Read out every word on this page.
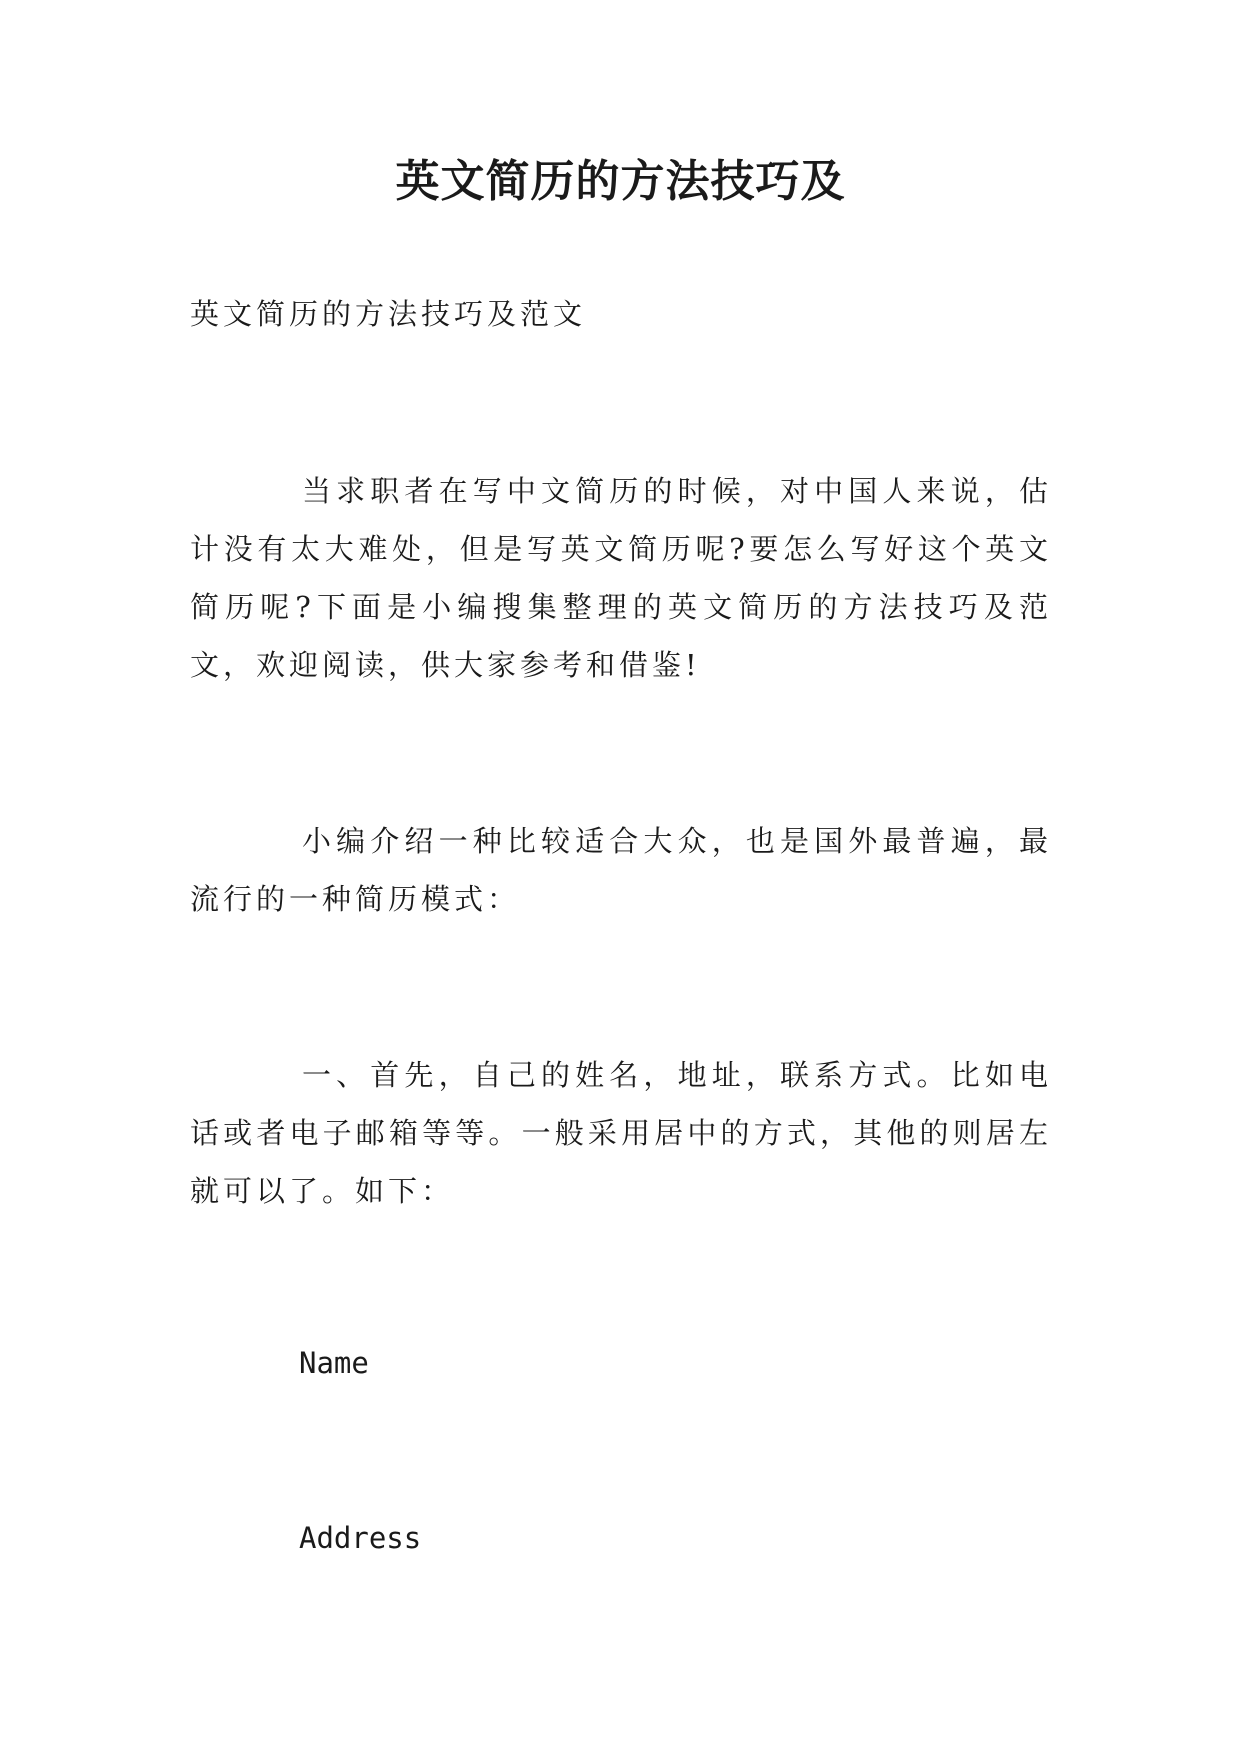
英文简历的方法技巧及

英文简历的方法技巧及范文

当求职者在写中文简历的时候，对中国人来说，估计没有太大难处，但是写英文简历呢?要怎么写好这个英文简历呢?下面是小编搜集整理的英文简历的方法技巧及范文，欢迎阅读，供大家参考和借鉴!

小编介绍一种比较适合大众，也是国外最普遍，最流行的一种简历模式：

一、首先，自己的姓名，地址，联系方式。比如电话或者电子邮箱等等。一般采用居中的方式，其他的则居左就可以了。如下：

Name

Address
